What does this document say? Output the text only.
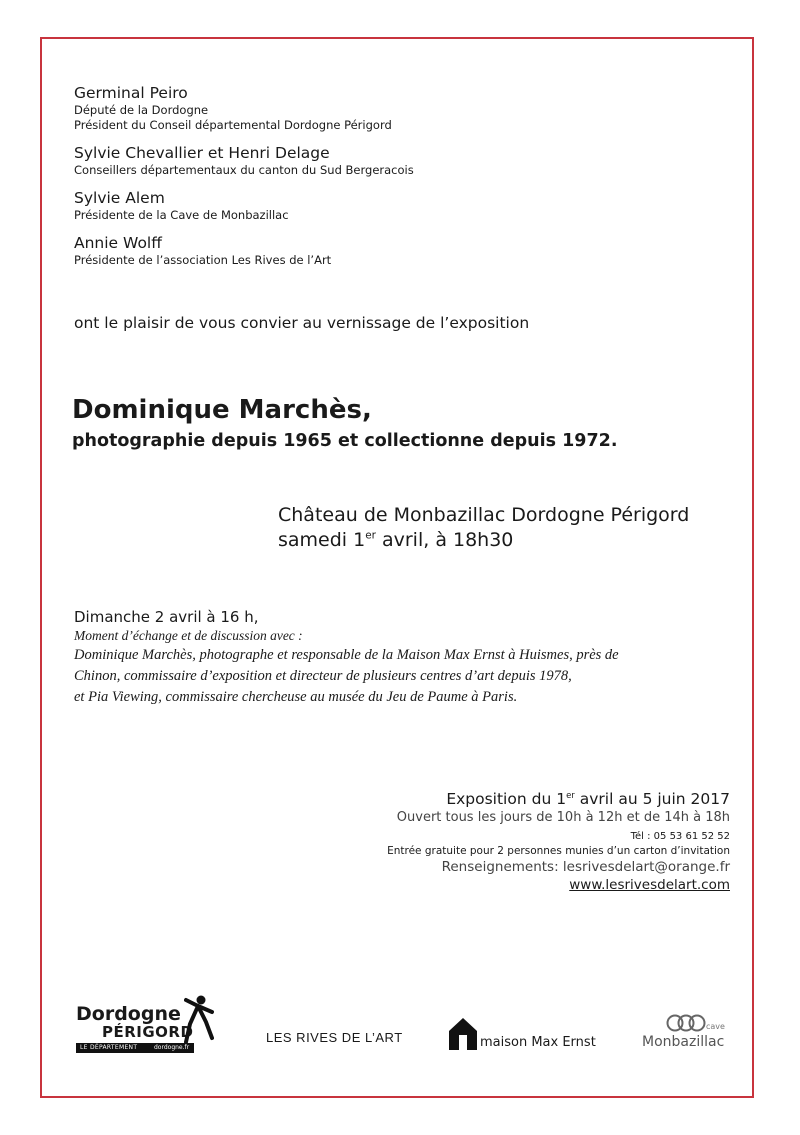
Germinal Peiro
Député de la Dordogne
Président du Conseil départemental Dordogne Périgord
Sylvie Chevallier et Henri Delage
Conseillers départementaux du canton du Sud Bergeracois
Sylvie Alem
Présidente de la Cave de Monbazillac
Annie Wolff
Présidente de l’association Les Rives de l’Art
ont le plaisir de vous convier au vernissage de l’exposition
Dominique Marchès,
photographie depuis 1965 et collectionne depuis 1972.
Château de Monbazillac Dordogne Périgord
samedi 1er avril, à 18h30
Dimanche 2 avril à 16 h,
Moment d’échange et de discussion avec :
Dominique Marchès, photographe et responsable de la Maison Max Ernst à Huismes, près de
Chinon, commissaire d’exposition et directeur de plusieurs centres d’art depuis 1978,
et Pia Viewing, commissaire chercheuse au musée du Jeu de Paume à Paris.
Exposition du 1er avril au 5 juin 2017
Ouvert tous les jours de 10h à 12h et de 14h à 18h
Tél : 05 53 61 52 52
Entrée gratuite pour 2 personnes munies d’un carton d’invitation
Renseignements: lesrivesdelart@orange.fr
www.lesrivesdelart.com
Dordogne
PÉRIGORD
LE DÉPARTEMENT	dordogne.fr
LES RIVES DE L’ART	maison Max Ernst
cave
Monbazillac
